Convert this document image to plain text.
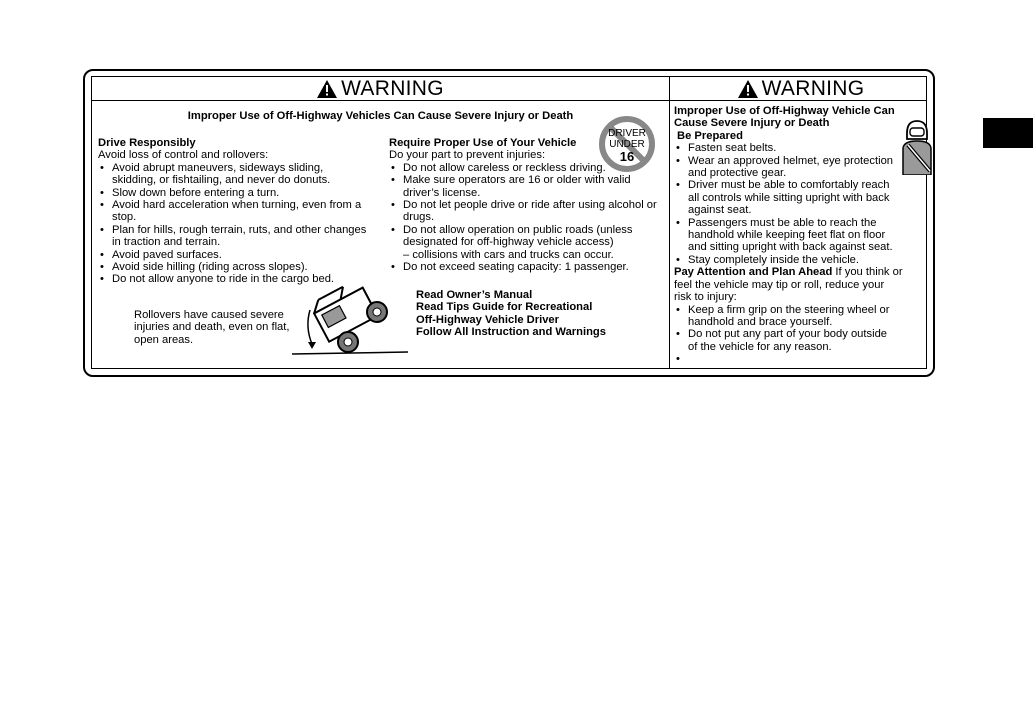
WARNING	WARNING
Improper Use of Off-Highway Vehicles Can Cause Severe Injury or Death
Drive Responsibly
Avoid loss of control and rollovers:
• Avoid abrupt maneuvers, sideways sliding,
skidding, or fishtailing, and never do donuts.
• Slow down before entering a turn.
• Avoid hard acceleration when turning, even from a
stop.
• Plan for hills, rough terrain, ruts, and other changes
in traction and terrain.
• Avoid paved surfaces.
• Avoid side hilling (riding across slopes).
• Do not allow anyone to ride in the cargo bed.
Rollovers have caused severe
injuries and death, even on flat,
open areas.
Require Proper Use of Your Vehicle
Do your part to prevent injuries:
• Do not allow careless or reckless driving.
• Make sure operators are 16 or older with valid
driver’s license.
• Do not let people drive or ride after using alcohol or
drugs.
• Do not allow operation on public roads (unless
designated for off-highway vehicle access)
– collisions with cars and trucks can occur.
• Do not exceed seating capacity: 1 passenger.
DRIVER
UNDER
16
Read Owner’s Manual
Read Tips Guide for Recreational
Off-Highway Vehicle Driver
Follow All Instruction and Warnings
Improper Use of Off-Highway Vehicle Can
Cause Severe Injury or Death
Be Prepared
• Fasten seat belts.
• Wear an approved helmet, eye protection
and protective gear.
• Driver must be able to comfortably reach
all controls while sitting upright with back
against seat.
• Passengers must be able to reach the
handhold while keeping feet flat on floor
and sitting upright with back against seat.
• Stay completely inside the vehicle.
Pay Attention and Plan Ahead If you think or
feel the vehicle may tip or roll, reduce your
risk to injury:
• Keep a firm grip on the steering wheel or
handhold and brace yourself.
• Do not put any part of your body outside
of the vehicle for any reason.
•
